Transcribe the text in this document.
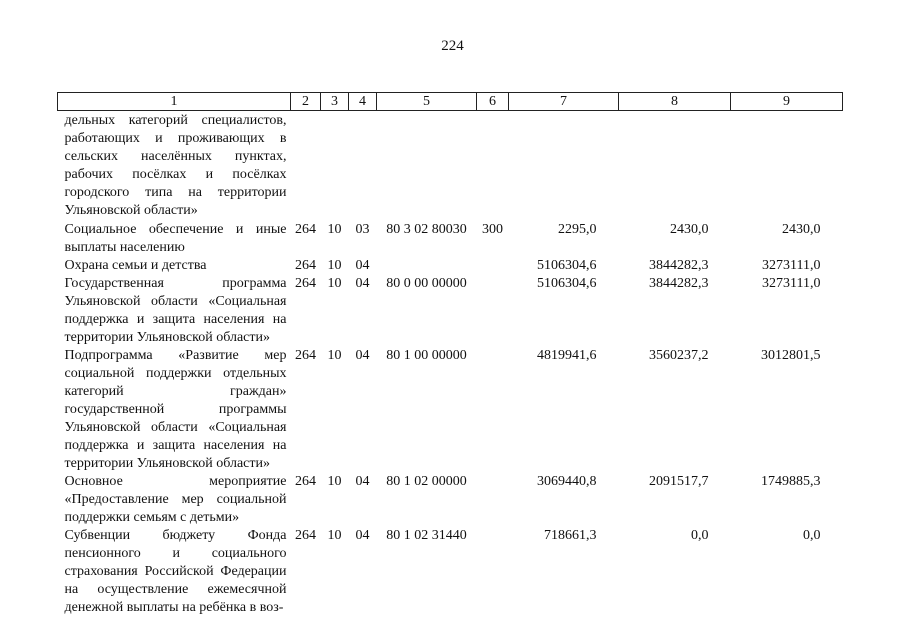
224
1	2	3	4	5	6	7	8	9
дельных категорий специалистов, работающих и проживающих в сельских населённых пунктах, рабочих посёлках и посёлках городского типа на территории Ульяновской области»								
Социальное обеспечение и иные выплаты населению	264	10	03	80 3 02 80030	300	2295,0	2430,0	2430,0
Охрана семьи и детства	264	10	04			5106304,6	3844282,3	3273111,0
Государственная программа Ульяновской области «Социальная поддержка и защита населения на территории Ульяновской области»	264	10	04	80 0 00 00000		5106304,6	3844282,3	3273111,0
Подпрограмма «Развитие мер социальной поддержки отдельных категорий граждан» государственной программы Ульяновской области «Социальная поддержка и защита населения на территории Ульяновской области»	264	10	04	80 1 00 00000		4819941,6	3560237,2	3012801,5
Основное мероприятие «Предоставление мер социальной поддержки семьям с детьми»	264	10	04	80 1 02 00000		3069440,8	2091517,7	1749885,3
Субвенции бюджету Фонда пенсионного и социального страхования Российской Федерации на осуществление ежемесячной денежной выплаты на ребёнка в воз-	264	10	04	80 1 02 31440		718661,3	0,0	0,0
